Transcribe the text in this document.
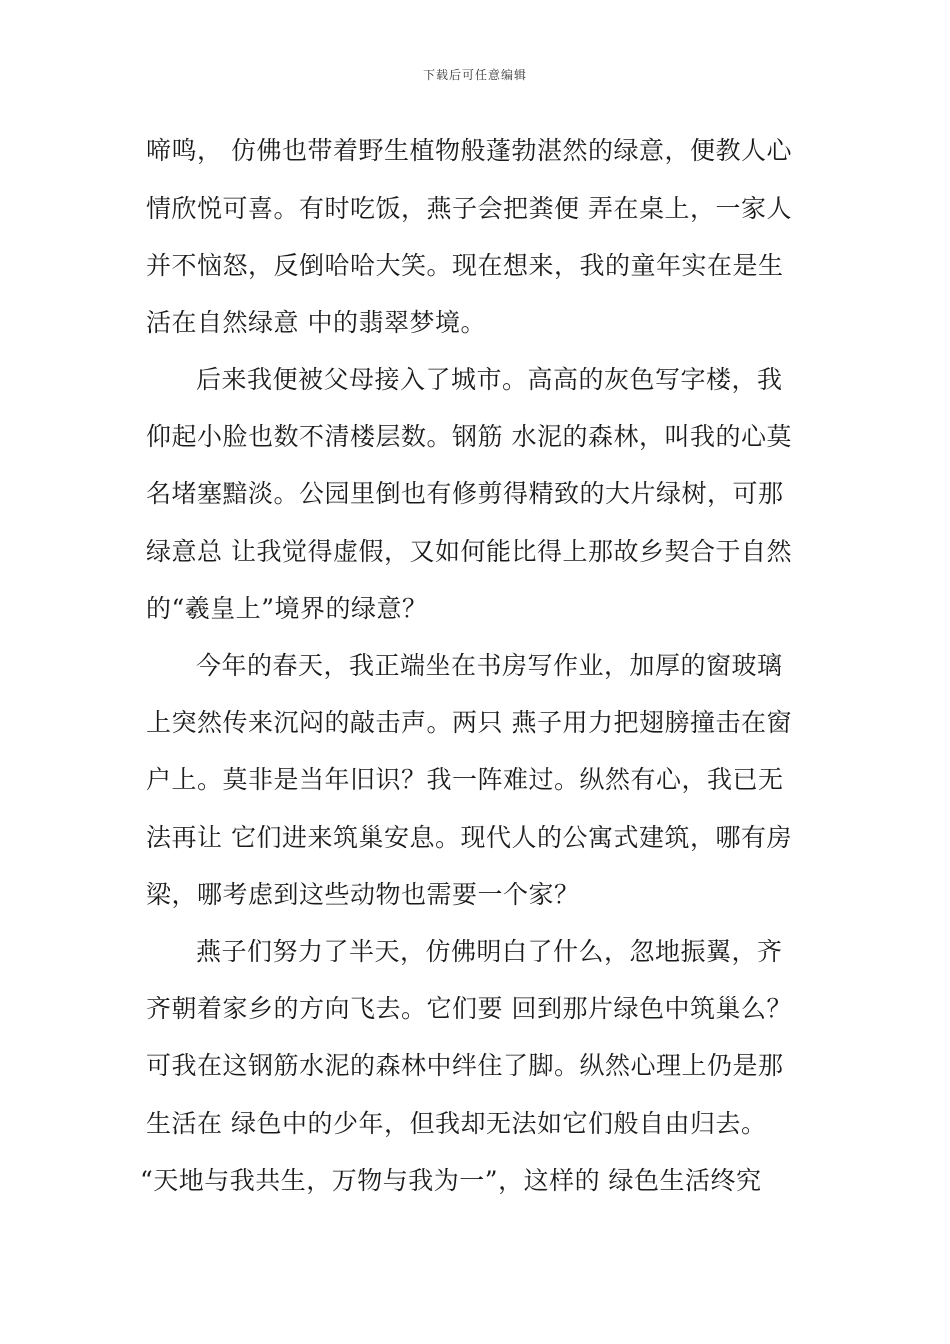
下载后可任意编辑
啼鸣， 仿佛也带着野生植物般蓬勃湛然的绿意，便教人心
情欣悦可喜。有时吃饭，燕子会把粪便 弄在桌上，一家人
并不恼怒，反倒哈哈大笑。现在想来，我的童年实在是生
活在自然绿意 中的翡翠梦境。
后来我便被父母接入了城市。高高的灰色写字楼，我
仰起小脸也数不清楼层数。钢筋 水泥的森林，叫我的心莫
名堵塞黯淡。公园里倒也有修剪得精致的大片绿树，可那
绿意总 让我觉得虚假，又如何能比得上那故乡契合于自然
的“羲皇上”境界的绿意？
今年的春天，我正端坐在书房写作业，加厚的窗玻璃
上突然传来沉闷的敲击声。两只 燕子用力把翅膀撞击在窗
户上。莫非是当年旧识？我一阵难过。纵然有心，我已无
法再让 它们进来筑巢安息。现代人的公寓式建筑，哪有房
梁，哪考虑到这些动物也需要一个家？
燕子们努力了半天，仿佛明白了什么，忽地振翼，齐
齐朝着家乡的方向飞去。它们要 回到那片绿色中筑巢么？
可我在这钢筋水泥的森林中绊住了脚。纵然心理上仍是那
生活在 绿色中的少年，但我却无法如它们般自由归去。
“天地与我共生，万物与我为一”，这样的 绿色生活终究
